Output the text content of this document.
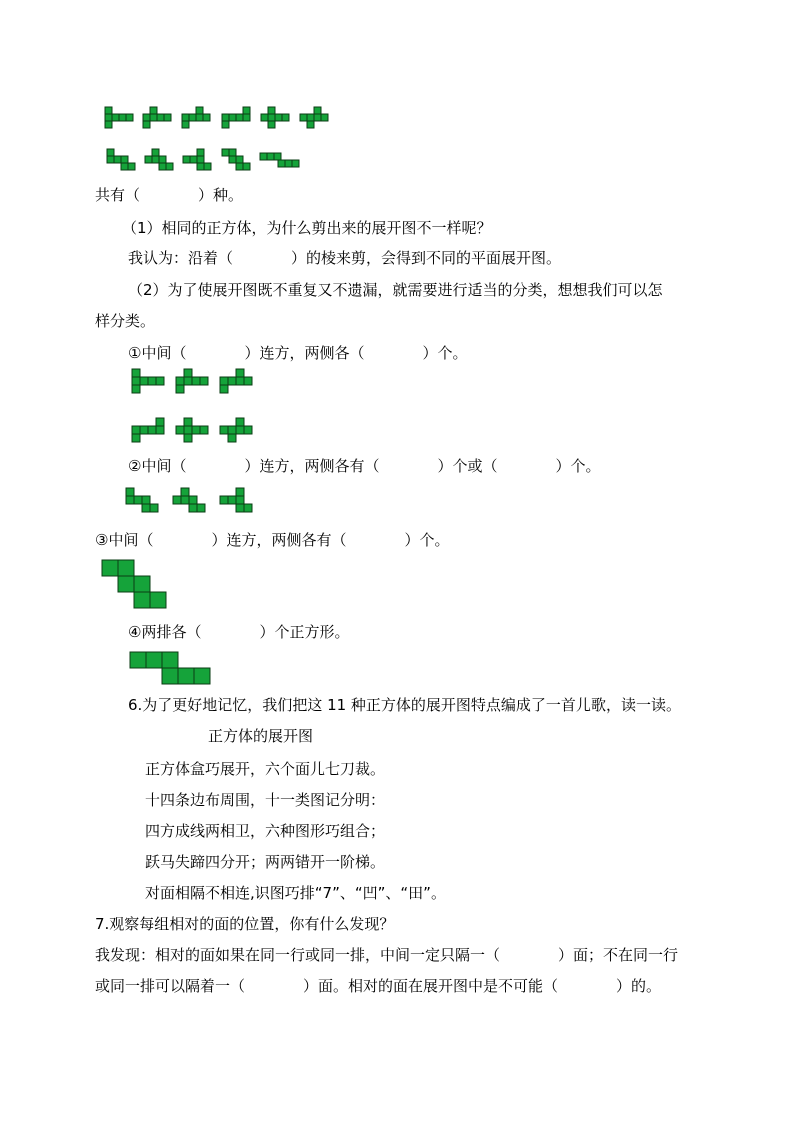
共有（	）种。
（1）相同的正方体，为什么剪出来的展开图不一样呢？
我认为：沿着（	）的棱来剪，会得到不同的平面展开图。
（2）为了使展开图既不重复又不遗漏，就需要进行适当的分类，想想我们可以怎
样分类。
①中间（	）连方，两侧各（	）个。
②中间（	）连方，两侧各有（	）个或（	）个。
③中间（	）连方，两侧各有（	）个。
④两排各（	）个正方形。
6.为了更好地记忆，我们把这 11 种正方体的展开图特点编成了一首儿歌，读一读。
正方体的展开图
正方体盒巧展开，六个面儿七刀裁。
十四条边布周围，十一类图记分明：
四方成线两相卫，六种图形巧组合；
跃马失蹄四分开；两两错开一阶梯。
对面相隔不相连,识图巧排“7”、“凹”、“田”。
7.观察每组相对的面的位置，你有什么发现？
我发现：相对的面如果在同一行或同一排，中间一定只隔一（	）面；不在同一行
或同一排可以隔着一（	）面。相对的面在展开图中是不可能（	）的。
